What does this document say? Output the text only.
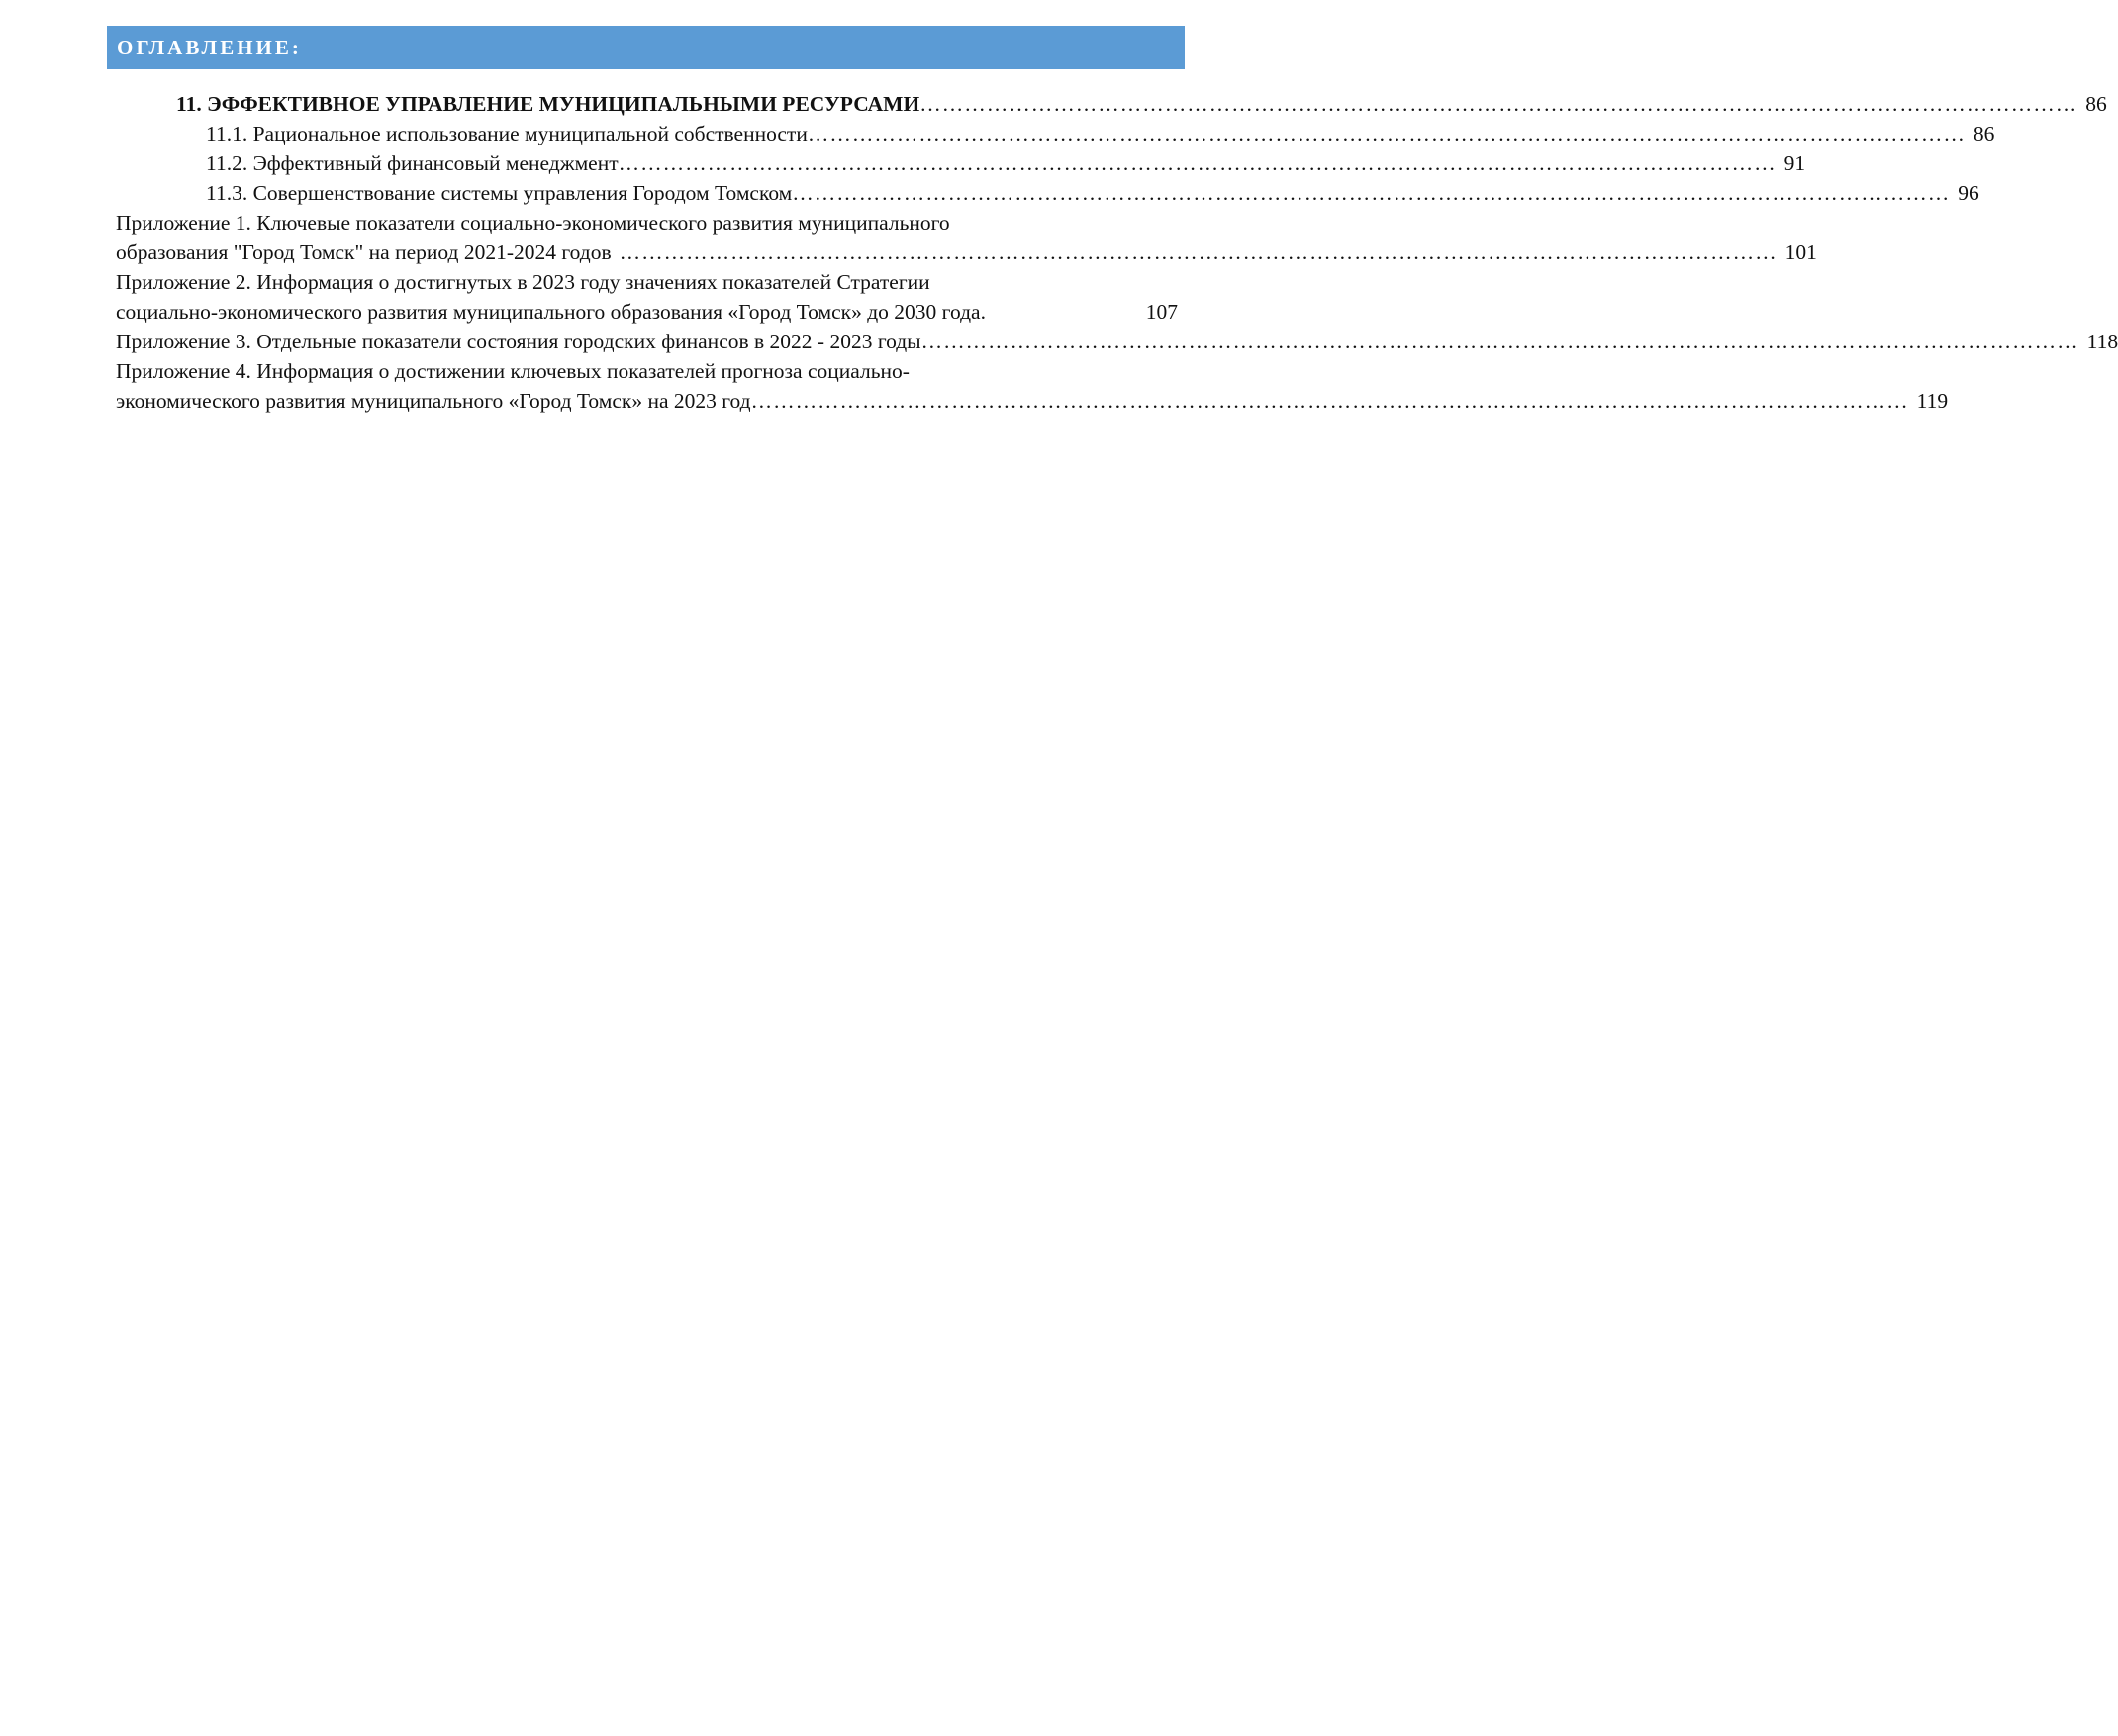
ОГЛАВЛЕНИЕ:
11. ЭФФЕКТИВНОЕ УПРАВЛЕНИЕ МУНИЦИПАЛЬНЫМИ РЕСУРСАМИ ………………………………………………………………………………………………………………………………………… 86
11.1. Рациональное использование муниципальной собственности ………………………………………………………………………………………………………………………………………… 86
11.2. Эффективный финансовый менеджмент ………………………………………………………………………………………………………………………………………… 91
11.3. Совершенствование системы управления Городом Томском ………………………………………………………………………………………………………………………………………… 96
Приложение 1. Ключевые показатели социально-экономического развития муниципального
образования "Город Томск" на период 2021-2024 годов ………………………………………………………………………………………………………………………………………… 101
Приложение 2. Информация о достигнутых в 2023 году значениях показателей Стратегии
социально-экономического развития муниципального образования «Город Томск» до 2030 года.	107
Приложение 3. Отдельные показатели состояния городских финансов в 2022 - 2023 годы ………………………………………………………………………………………………………………………………………… 118
Приложение 4. Информация о достижении ключевых показателей прогноза социально-
экономического развития муниципального «Город Томск» на 2023 год ………………………………………………………………………………………………………………………………………… 119
